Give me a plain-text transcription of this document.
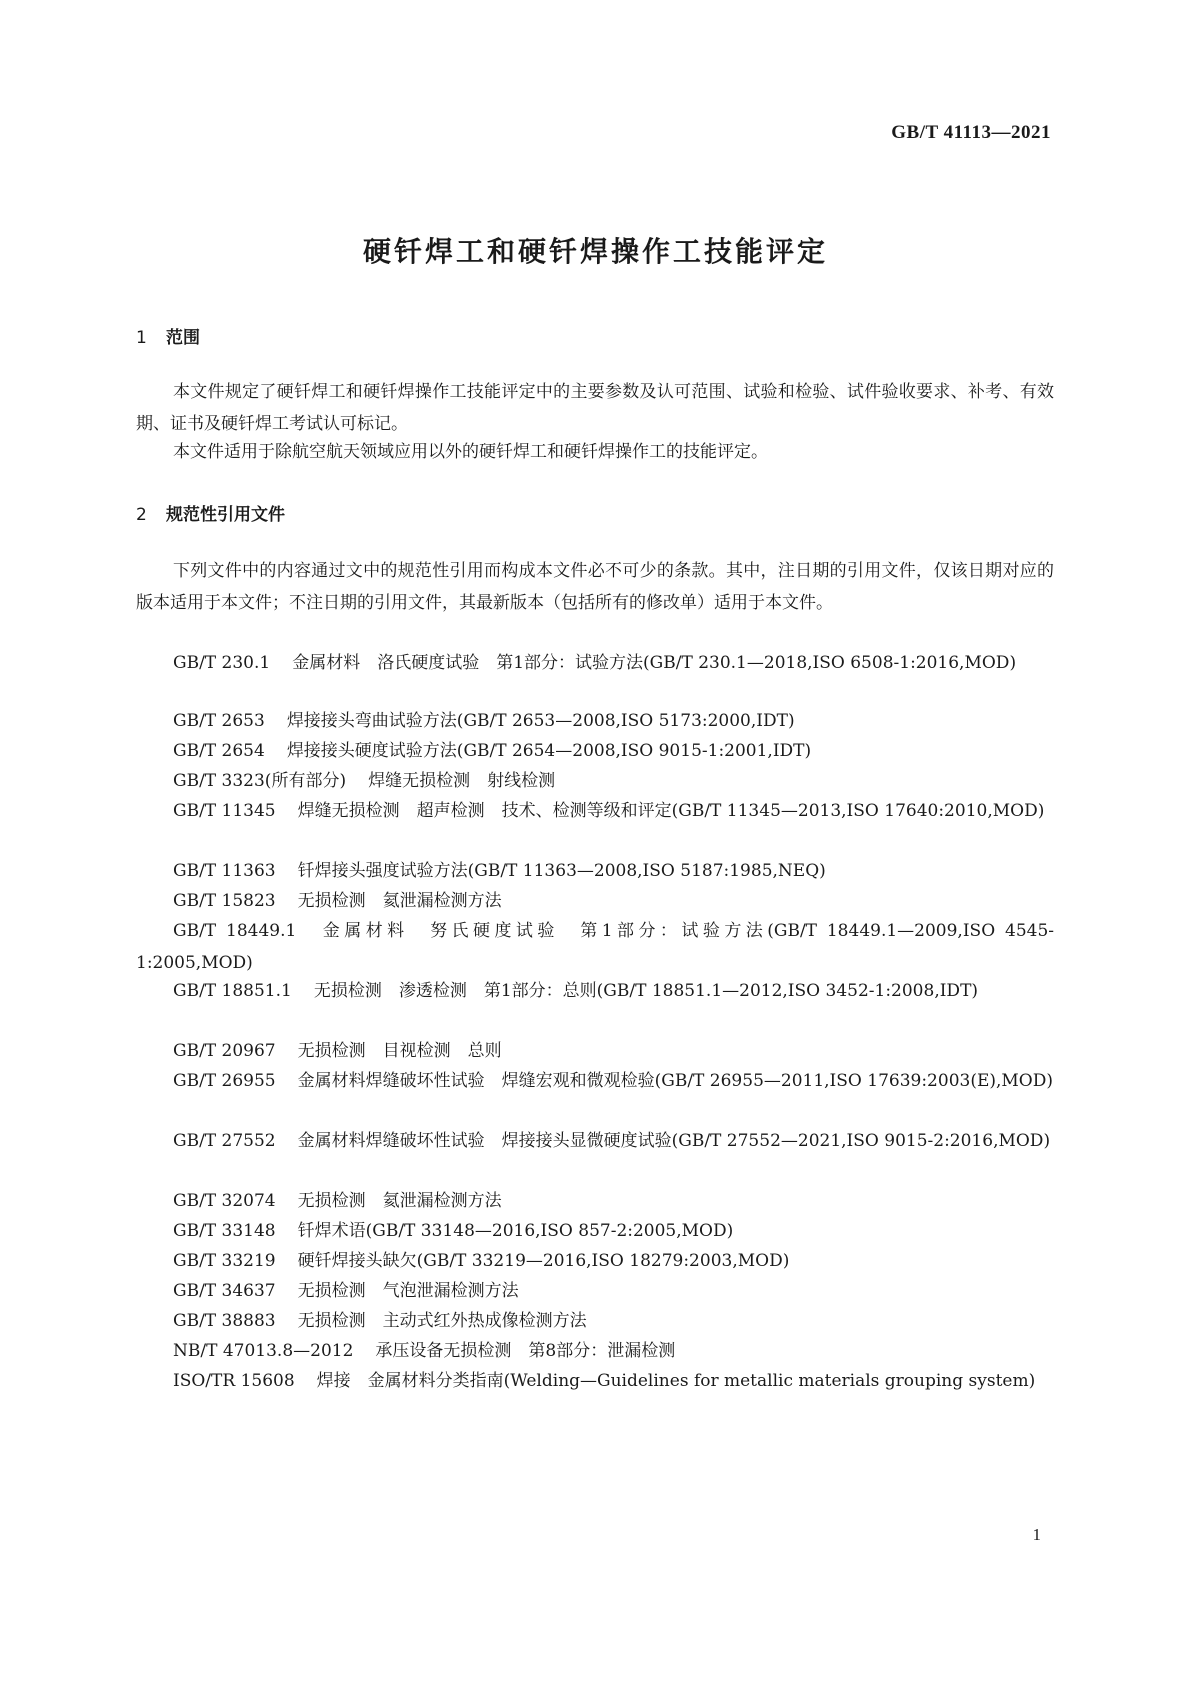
GB/T 41113—2021
硬钎焊工和硬钎焊操作工技能评定
1 范围
本文件规定了硬钎焊工和硬钎焊操作工技能评定中的主要参数及认可范围、试验和检验、试件验收要求、补考、有效期、证书及硬钎焊工考试认可标记。
本文件适用于除航空航天领域应用以外的硬钎焊工和硬钎焊操作工的技能评定。
2 规范性引用文件
下列文件中的内容通过文中的规范性引用而构成本文件必不可少的条款。其中，注日期的引用文件，仅该日期对应的版本适用于本文件；不注日期的引用文件，其最新版本（包括所有的修改单）适用于本文件。
GB/T 230.1 金属材料　洛氏硬度试验　第1部分：试验方法(GB/T 230.1—2018,ISO 6508-1:2016,MOD)
GB/T 2653 焊接接头弯曲试验方法(GB/T 2653—2008,ISO 5173:2000,IDT)
GB/T 2654 焊接接头硬度试验方法(GB/T 2654—2008,ISO 9015-1:2001,IDT)
GB/T 3323(所有部分) 焊缝无损检测　射线检测
GB/T 11345 焊缝无损检测　超声检测　技术、检测等级和评定(GB/T 11345—2013,ISO 17640:2010,MOD)
GB/T 11363 钎焊接头强度试验方法(GB/T 11363—2008,ISO 5187:1985,NEQ)
GB/T 15823 无损检测　氦泄漏检测方法
GB/T 18449.1 金属材料　努氏硬度试验　第1部分：试验方法(GB/T 18449.1—2009,ISO 4545-1:2005,MOD)
GB/T 18851.1 无损检测　渗透检测　第1部分：总则(GB/T 18851.1—2012,ISO 3452-1:2008,IDT)
GB/T 20967 无损检测　目视检测　总则
GB/T 26955 金属材料焊缝破坏性试验　焊缝宏观和微观检验(GB/T 26955—2011,ISO 17639:2003(E),MOD)
GB/T 27552 金属材料焊缝破坏性试验　焊接接头显微硬度试验(GB/T 27552—2021,ISO 9015-2:2016,MOD)
GB/T 32074 无损检测　氦泄漏检测方法
GB/T 33148 钎焊术语(GB/T 33148—2016,ISO 857-2:2005,MOD)
GB/T 33219 硬钎焊接头缺欠(GB/T 33219—2016,ISO 18279:2003,MOD)
GB/T 34637 无损检测　气泡泄漏检测方法
GB/T 38883 无损检测　主动式红外热成像检测方法
NB/T 47013.8—2012 承压设备无损检测　第8部分：泄漏检测
ISO/TR 15608 焊接　金属材料分类指南(Welding—Guidelines for metallic materials grouping system)
1
